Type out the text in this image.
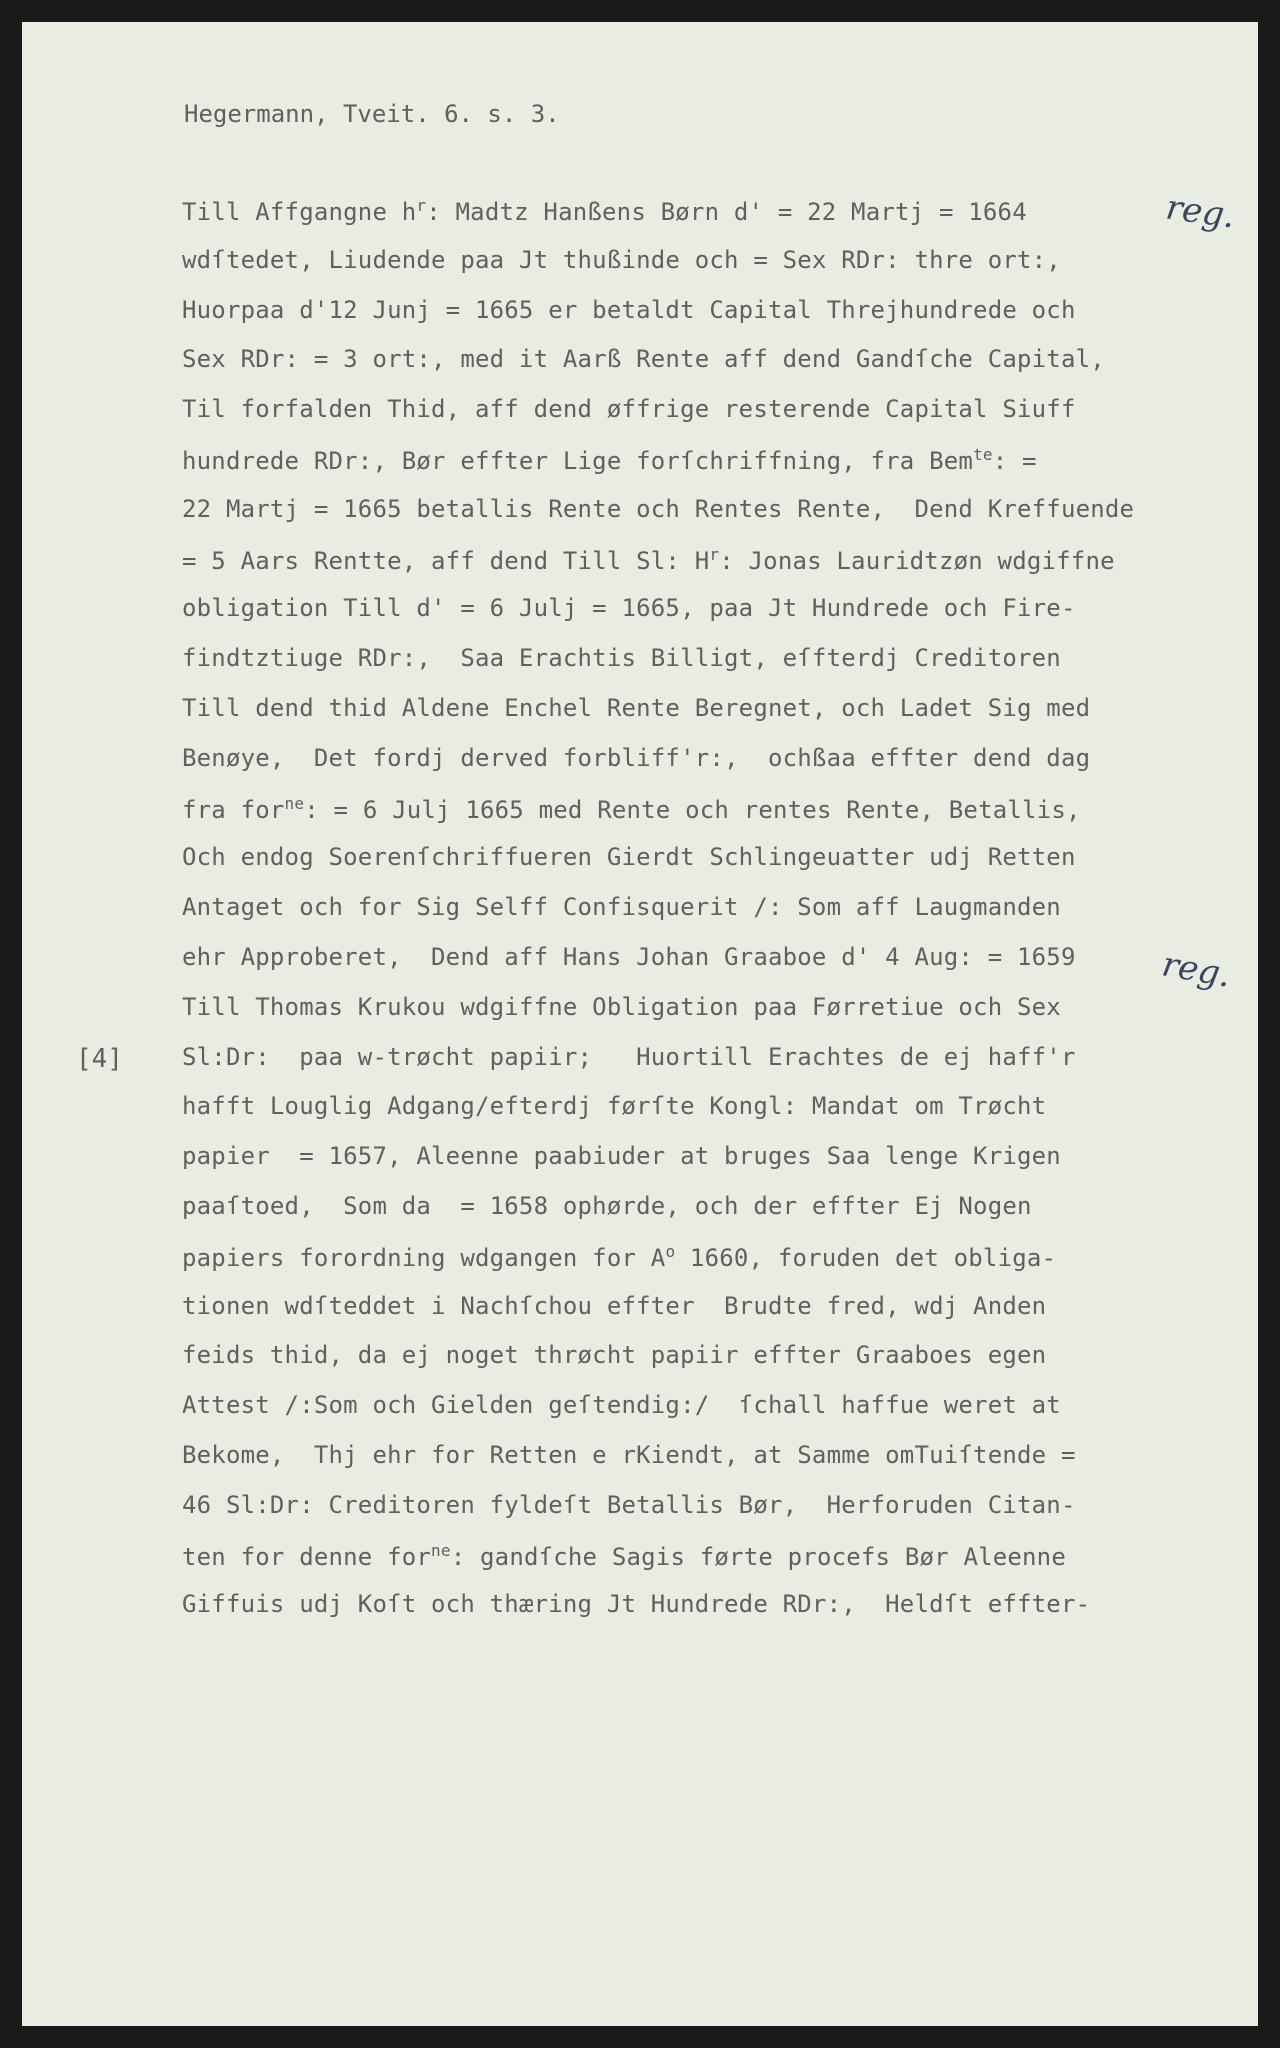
Hegermann, Tveit. 6. s. 3.
Till Affgangne $h^r$: Madtz Hanßens Børn d' = 22 Martj = 1664
wdſtedet, Liudende paa Jt thußinde och = Sex RDr: thre ort:,
Huorpaa d'12 Junj = 1665 er betaldt Capital Threjhundrede och
Sex RDr: = 3 ort:, med it Aarß Rente aff dend Gandſche Capital,
Til forfalden Thid, aff dend øffrige resterende Capital Siuff
hundrede RDr:, Bør effter Lige forſchriffning, fra Bem$^{te}$: =
22 Martj = 1665 betallis Rente och Rentes Rente,  Dend Kreffuende
= 5 Aars Rentte, aff dend Till Sl: $H^r$: Jonas Lauridtzøn wdgiffne
obligation Till d' = 6 Julj = 1665, paa Jt Hundrede och Fire-
findtztiuge RDr:,  Saa Erachtis Billigt, eſfterdj Creditoren
Till dend thid Aldene Enchel Rente Beregnet, och Ladet Sig med
Benøye,  Det fordj derved forbliff'r:,  ochßaa effter dend dag
fra for$^{ne}$: = 6 Julj 1665 med Rente och rentes Rente, Betallis,
Och endog Soerenſchriffueren Gierdt Schlingeuatter udj Retten
Antaget och for Sig Selff Confisquerit /: Som aff Laugmanden
ehr Approberet,  Dend aff Hans Johan Graaboe d' 4 Aug: = 1659
Till Thomas Krukou wdgiffne Obligation paa Førretiue och Sex
Sl:Dr:  paa w-trøcht papiir;   Huortill Erachtes de ej haff'r
hafft Louglig Adgang/efterdj førſte Kongl: Mandat om Trøcht
papier  = 1657, Aleenne paabiuder at bruges Saa lenge Krigen
paaſtoed,  Som da  = 1658 ophørde, och der effter Ej Nogen
papiers forordning wdgangen for $A^o$ 1660, foruden det obliga-
tionen wdſteddet i Nachſchou effter  Brudte fred, wdj Anden
feids thid, da ej noget thrøcht papiir effter Graaboes egen
Attest /:Som och Gielden geſtendig:/  ſchall haffue weret at
Bekome,  Thj ehr for Retten e rKiendt, at Samme omTuiſtende =
46 Sl:Dr: Creditoren fyldeſt Betallis Bør,  Herforuden Citan-
ten for denne for$^{ne}$: gandſche Sagis førte procefs Bør Aleenne
Giffuis udj Koſt och thæring Jt Hundrede RDr:,  Heldſt effter-
[4]
reg.
reg.
